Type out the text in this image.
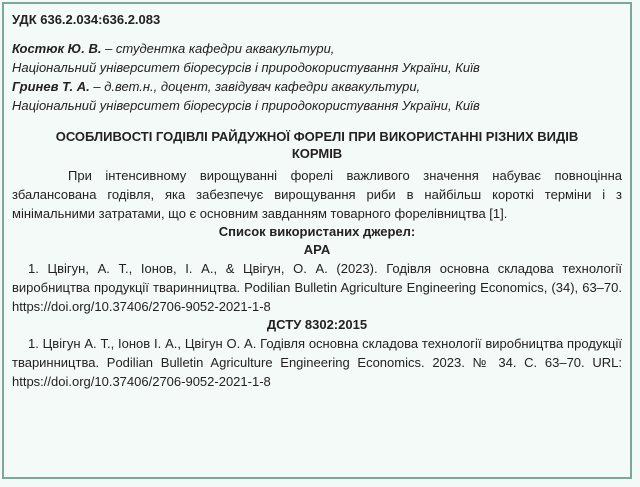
УДК 636.2.034:636.2.083
Костюк Ю. В. – студентка кафедри аквакультури,
Національний університет біоресурсів і природокористування України, Київ
Гринев Т. А. – д.вет.н., доцент, завідувач кафедри аквакультури,
Національний університет біоресурсів і природокористування України, Київ
ОСОБЛИВОСТІ ГОДІВЛІ РАЙДУЖНОЇ ФОРЕЛІ ПРИ ВИКОРИСТАННІ РІЗНИХ ВИДІВ КОРМІВ

При інтенсивному вирощуванні форелі важливого значення набуває повноцінна збалансована годівля, яка забезпечує вирощування риби в найбільш короткі терміни і з мінімальними затратами, що є основним завданням товарного форелівництва [1].

Список використаних джерел:
APA
1. Цвігун, А. Т., Іонов, І. А., & Цвігун, О. А. (2023). Годівля основна складова технології виробництва продукції тваринництва. Podilian Bulletin Agriculture Engineering Economics, (34), 63–70. https://doi.org/10.37406/2706-9052-2021-1-8
ДСТУ 8302:2015
1. Цвігун А. Т., Іонов І. А., Цвігун О. А. Годівля основна складова технології виробництва продукції тваринництва. Podilian Bulletin Agriculture Engineering Economics. 2023. № 34. С. 63–70. URL: https://doi.org/10.37406/2706-9052-2021-1-8
